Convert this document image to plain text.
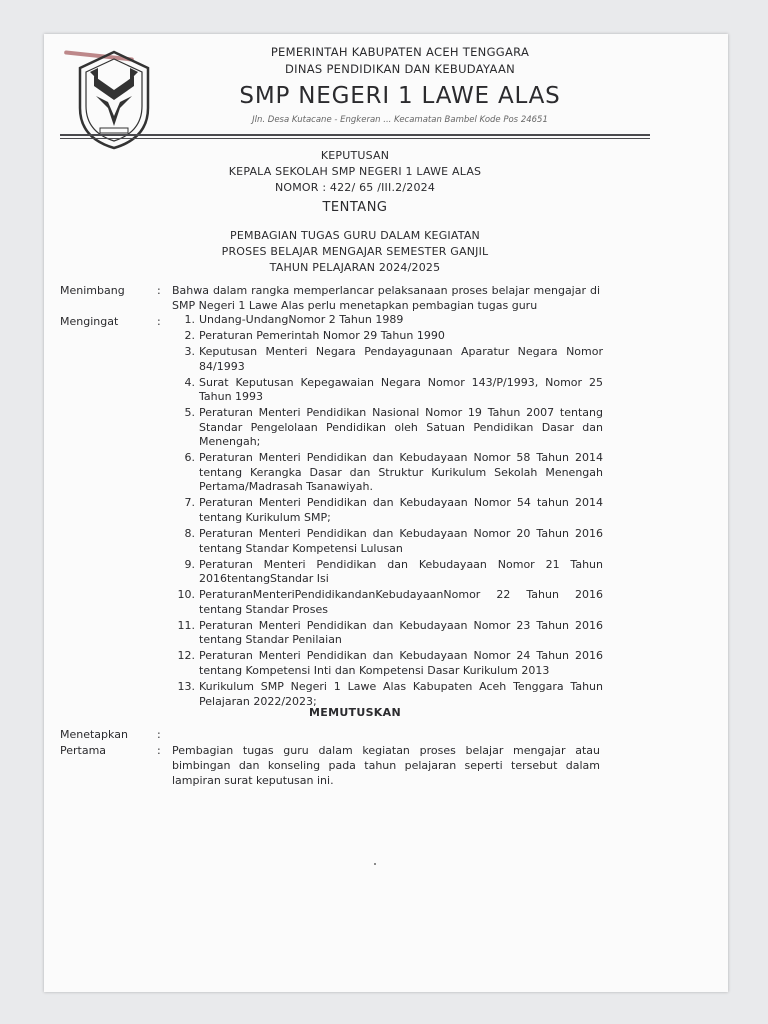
PEMERINTAH KABUPATEN ACEH TENGGARA
DINAS PENDIDIKAN DAN KEBUDAYAAN
SMP NEGERI 1 LAWE ALAS
Jln. Desa Kutacane - Engkeran ... Kecamatan Bambel Kode Pos 24651
KEPUTUSAN
KEPALA SEKOLAH SMP NEGERI 1 LAWE ALAS
NOMOR : 422/ 65 /III.2/2024
TENTANG
PEMBAGIAN TUGAS GURU DALAM KEGIATAN
PROSES BELAJAR MENGAJAR SEMESTER GANJIL
TAHUN PELAJARAN 2024/2025
Menimbang	: Bahwa dalam rangka memperlancar pelaksanaan proses belajar mengajar di SMP Negeri 1 Lawe Alas perlu menetapkan pembagian tugas guru
Mengingat	:	1. Undang-UndangNomor 2 Tahun 1989
2. Peraturan Pemerintah Nomor 29 Tahun 1990
3. Keputusan Menteri Negara Pendayagunaan Aparatur Negara Nomor 84/1993
4. Surat Keputusan Kepegawaian Negara Nomor 143/P/1993, Nomor 25 Tahun 1993
5. Peraturan Menteri Pendidikan Nasional Nomor 19 Tahun 2007 tentang Standar Pengelolaan Pendidikan oleh Satuan Pendidikan Dasar dan Menengah;
6. Peraturan Menteri Pendidikan dan Kebudayaan Nomor 58 Tahun 2014 tentang Kerangka Dasar dan Struktur Kurikulum Sekolah Menengah Pertama/Madrasah Tsanawiyah.
7. Peraturan Menteri Pendidikan dan Kebudayaan Nomor 54 tahun 2014 tentang Kurikulum SMP;
8. Peraturan Menteri Pendidikan dan Kebudayaan Nomor 20 Tahun 2016 tentang Standar Kompetensi Lulusan
9. Peraturan Menteri Pendidikan dan Kebudayaan Nomor 21 Tahun 2016tentangStandar Isi
10. PeraturanMenteriPendidikandanKebudayaanNomor 22 Tahun 2016 tentang Standar Proses
11. Peraturan Menteri Pendidikan dan Kebudayaan Nomor 23 Tahun 2016 tentang Standar Penilaian
12. Peraturan Menteri Pendidikan dan Kebudayaan Nomor 24 Tahun 2016 tentang Kompetensi Inti dan Kompetensi Dasar Kurikulum 2013
13. Kurikulum SMP Negeri 1 Lawe Alas Kabupaten Aceh Tenggara Tahun Pelajaran 2022/2023;
MEMUTUSKAN
Menetapkan	:
Pertama	: Pembagian tugas guru dalam kegiatan proses belajar mengajar atau bimbingan dan konseling pada tahun pelajaran seperti tersebut dalam lampiran surat keputusan ini.
